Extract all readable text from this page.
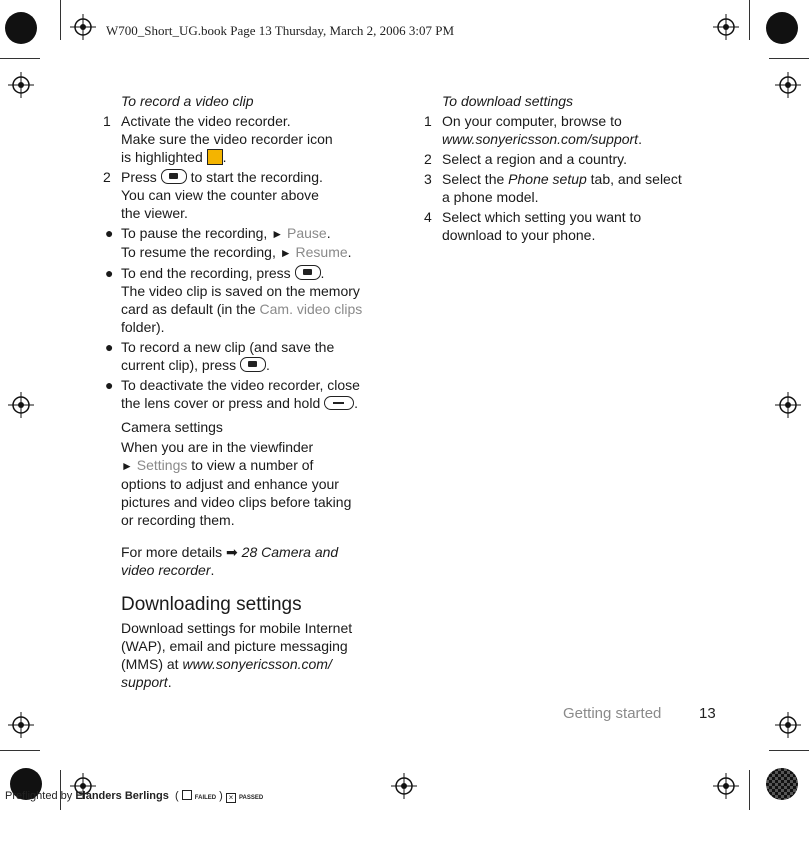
W700_Short_UG.book Page 13 Thursday, March 2, 2006 3:07 PM
To record a video clip
1 Activate the video recorder.
Make sure the video recorder icon
is highlighted .
2 Press to start the recording.
You can view the counter above
the viewer.
● To pause the recording, ► Pause.
To resume the recording, ► Resume.
● To end the recording, press .
The video clip is saved on the memory
card as default (in the Cam. video clips
folder).
● To record a new clip (and save the
current clip), press .
● To deactivate the video recorder, close
the lens cover or press and hold .
Camera settings
When you are in the viewfinder
► Settings to view a number of
options to adjust and enhance your
pictures and video clips before taking
or recording them.
For more details ➡ 28 Camera and
video recorder.
Downloading settings
Download settings for mobile Internet
(WAP), email and picture messaging
(MMS) at www.sonyericsson.com/
support.
To download settings
1 On your computer, browse to
www.sonyericsson.com/support.
2 Select a region and a country.
3 Select the Phone setup tab, and select
a phone model.
4 Select which setting you want to
download to your phone.
Getting started	13
Preflighted by Elanders Berlings  (  FAILED ) × PASSED
